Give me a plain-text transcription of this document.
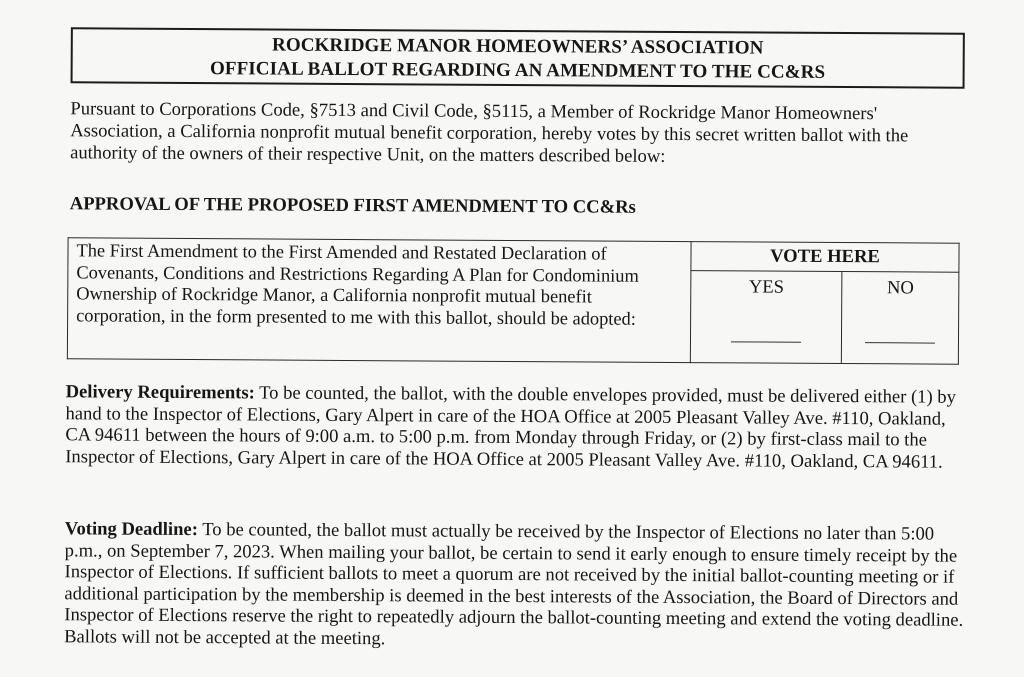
ROCKRIDGE MANOR HOMEOWNERS’ ASSOCIATION
OFFICIAL BALLOT REGARDING AN AMENDMENT TO THE CC&RS
Pursuant to Corporations Code, §7513 and Civil Code, §5115, a Member of Rockridge Manor Homeowners' Association, a California nonprofit mutual benefit corporation, hereby votes by this secret written ballot with the authority of the owners of their respective Unit, on the matters described below:
APPROVAL OF THE PROPOSED FIRST AMENDMENT TO CC&Rs
The First Amendment to the First Amended and Restated Declaration of Covenants, Conditions and Restrictions Regarding A Plan for Condominium Ownership of Rockridge Manor, a California nonprofit mutual benefit corporation, in the form presented to me with this ballot, should be adopted:	VOTE HERE	

	YES	NO
Delivery Requirements: To be counted, the ballot, with the double envelopes provided, must be delivered either (1) by hand to the Inspector of Elections, Gary Alpert in care of the HOA Office at 2005 Pleasant Valley Ave. #110, Oakland, CA 94611 between the hours of 9:00 a.m. to 5:00 p.m. from Monday through Friday, or (2) by first-class mail to the Inspector of Elections, Gary Alpert in care of the HOA Office at 2005 Pleasant Valley Ave. #110, Oakland, CA 94611.
Voting Deadline: To be counted, the ballot must actually be received by the Inspector of Elections no later than 5:00 p.m., on September 7, 2023. When mailing your ballot, be certain to send it early enough to ensure timely receipt by the Inspector of Elections. If sufficient ballots to meet a quorum are not received by the initial ballot-counting meeting or if additional participation by the membership is deemed in the best interests of the Association, the Board of Directors and Inspector of Elections reserve the right to repeatedly adjourn the ballot-counting meeting and extend the voting deadline. Ballots will not be accepted at the meeting.
